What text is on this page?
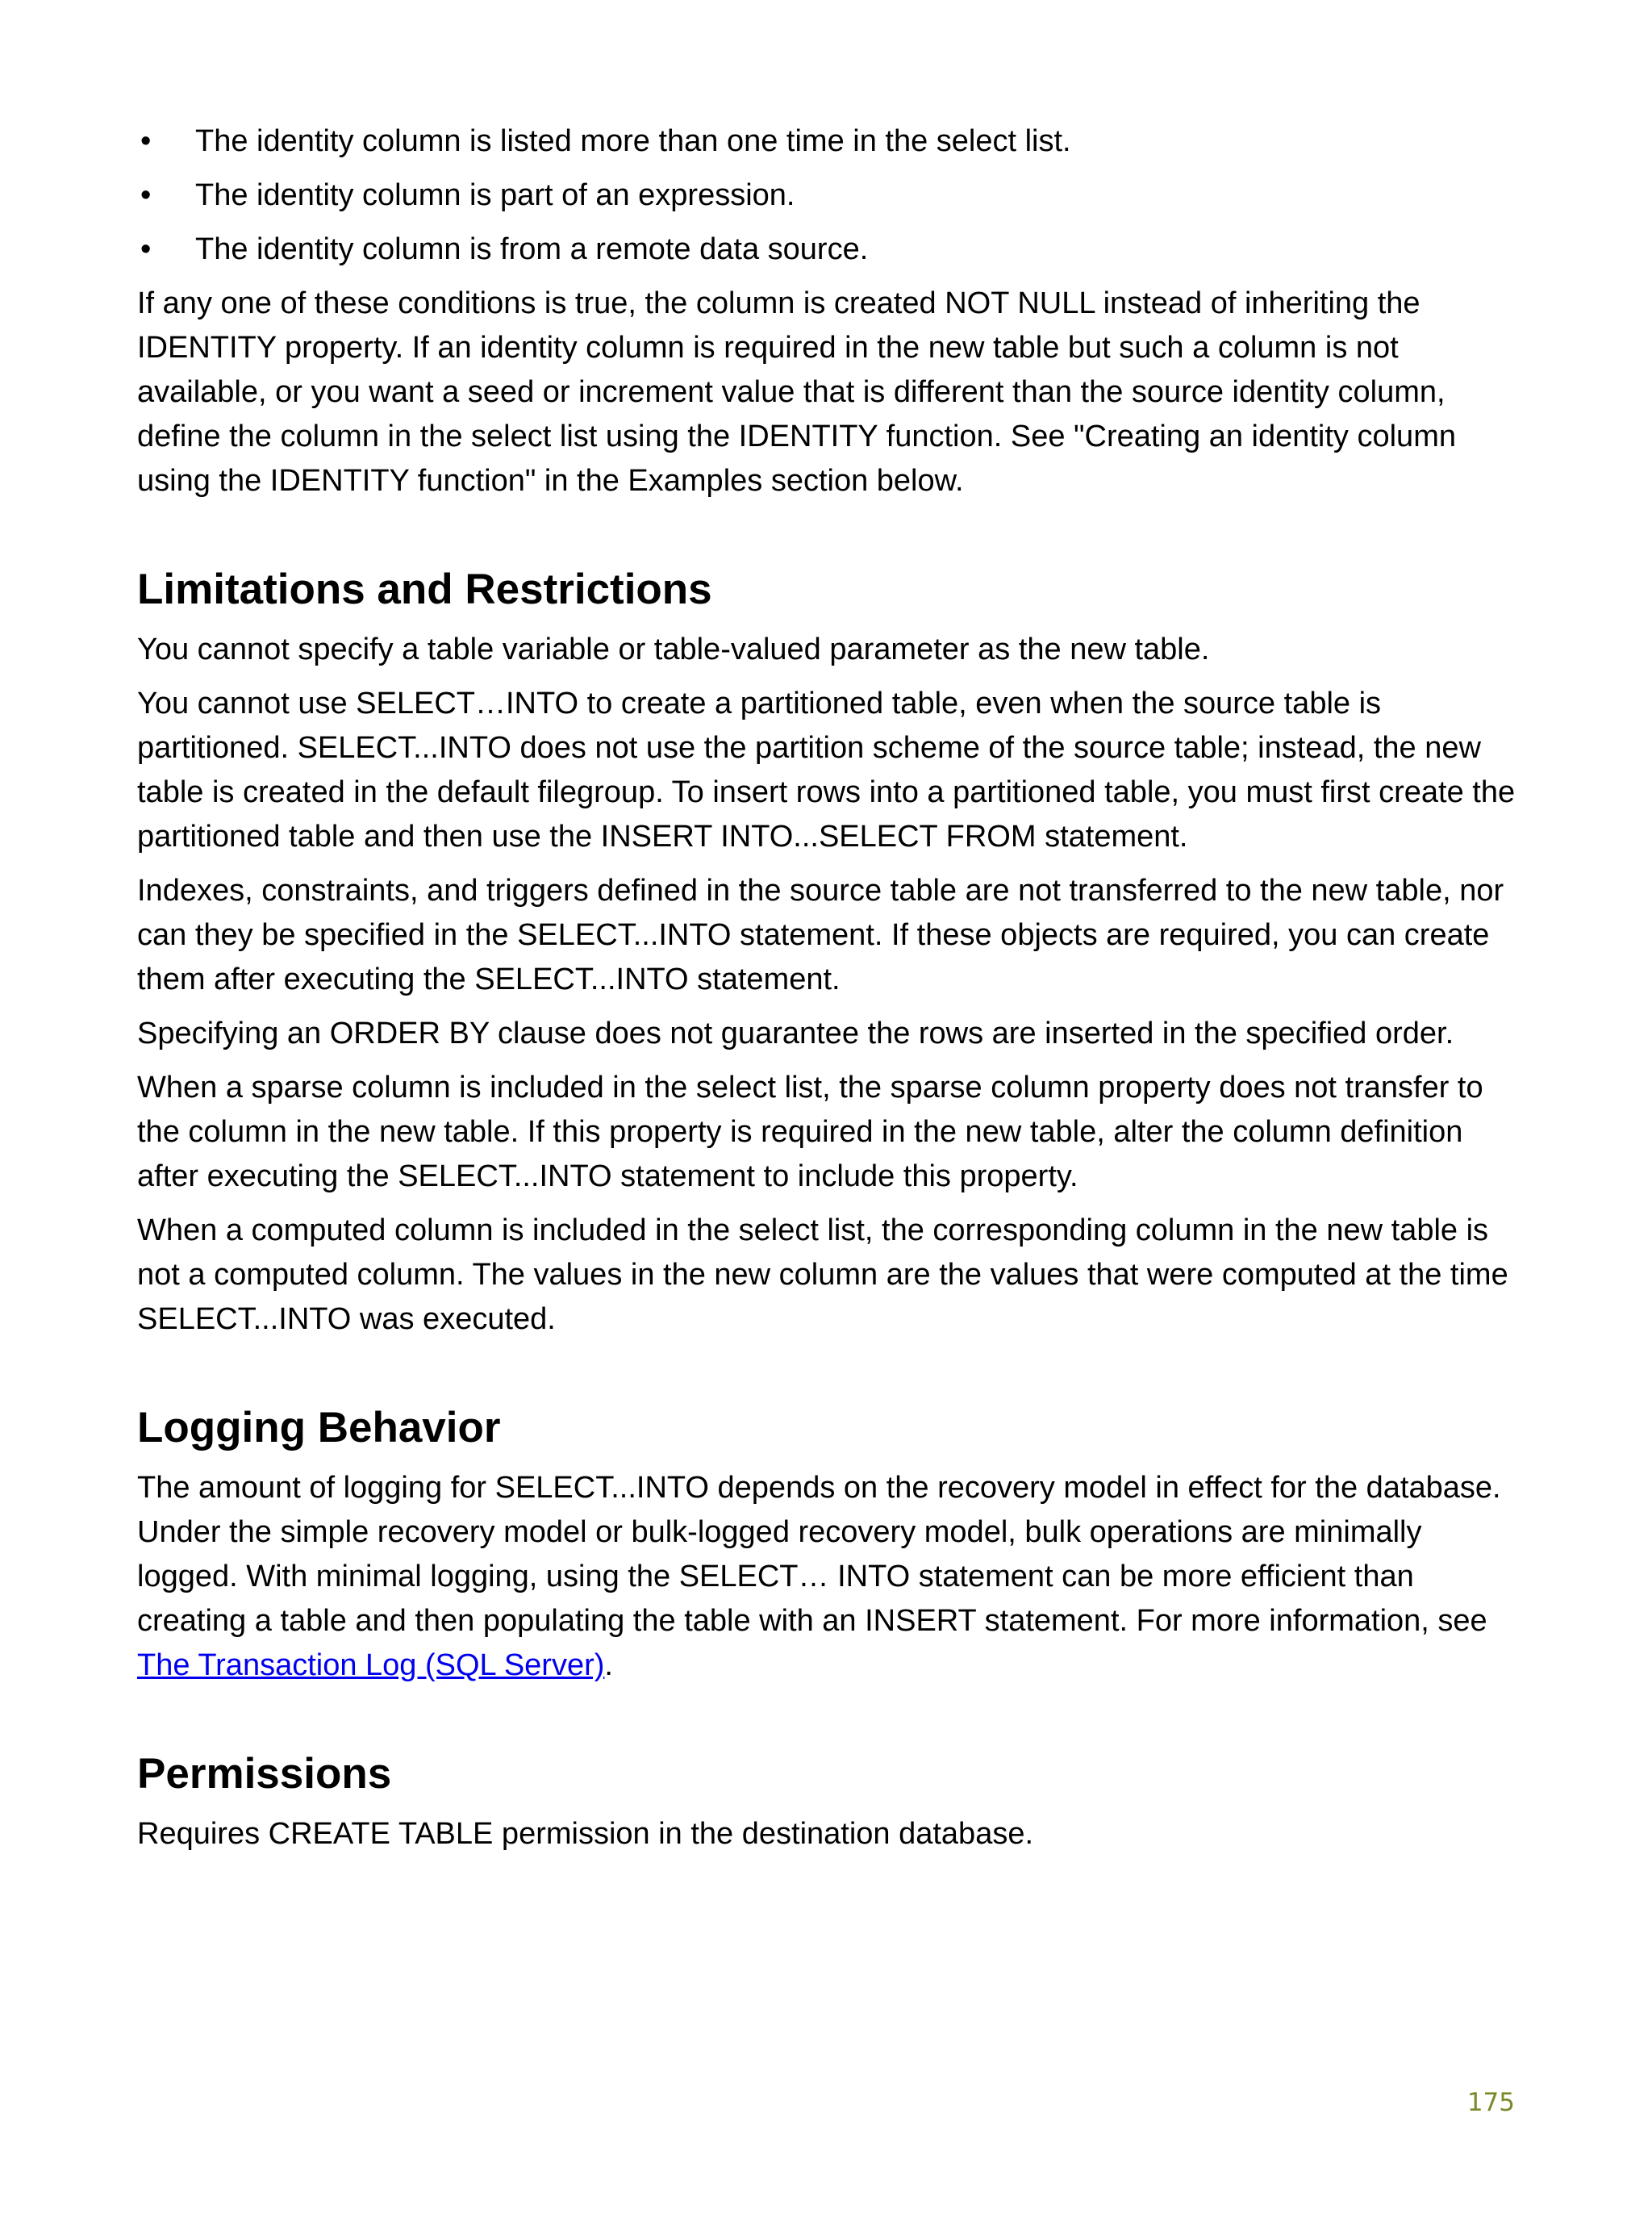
• The identity column is listed more than one time in the select list.
• The identity column is part of an expression.
• The identity column is from a remote data source.

If any one of these conditions is true, the column is created NOT NULL instead of inheriting the IDENTITY property. If an identity column is required in the new table but such a column is not available, or you want a seed or increment value that is different than the source identity column, define the column in the select list using the IDENTITY function. See "Creating an identity column using the IDENTITY function" in the Examples section below.

Limitations and Restrictions

You cannot specify a table variable or table-valued parameter as the new table.

You cannot use SELECT…INTO to create a partitioned table, even when the source table is partitioned. SELECT...INTO does not use the partition scheme of the source table; instead, the new table is created in the default filegroup. To insert rows into a partitioned table, you must first create the partitioned table and then use the INSERT INTO...SELECT FROM statement.

Indexes, constraints, and triggers defined in the source table are not transferred to the new table, nor can they be specified in the SELECT...INTO statement. If these objects are required, you can create them after executing the SELECT...INTO statement.

Specifying an ORDER BY clause does not guarantee the rows are inserted in the specified order.

When a sparse column is included in the select list, the sparse column property does not transfer to the column in the new table. If this property is required in the new table, alter the column definition after executing the SELECT...INTO statement to include this property.

When a computed column is included in the select list, the corresponding column in the new table is not a computed column. The values in the new column are the values that were computed at the time SELECT...INTO was executed.

Logging Behavior

The amount of logging for SELECT...INTO depends on the recovery model in effect for the database. Under the simple recovery model or bulk-logged recovery model, bulk operations are minimally logged. With minimal logging, using the SELECT… INTO statement can be more efficient than creating a table and then populating the table with an INSERT statement. For more information, see The Transaction Log (SQL Server).

Permissions

Requires CREATE TABLE permission in the destination database.

175
